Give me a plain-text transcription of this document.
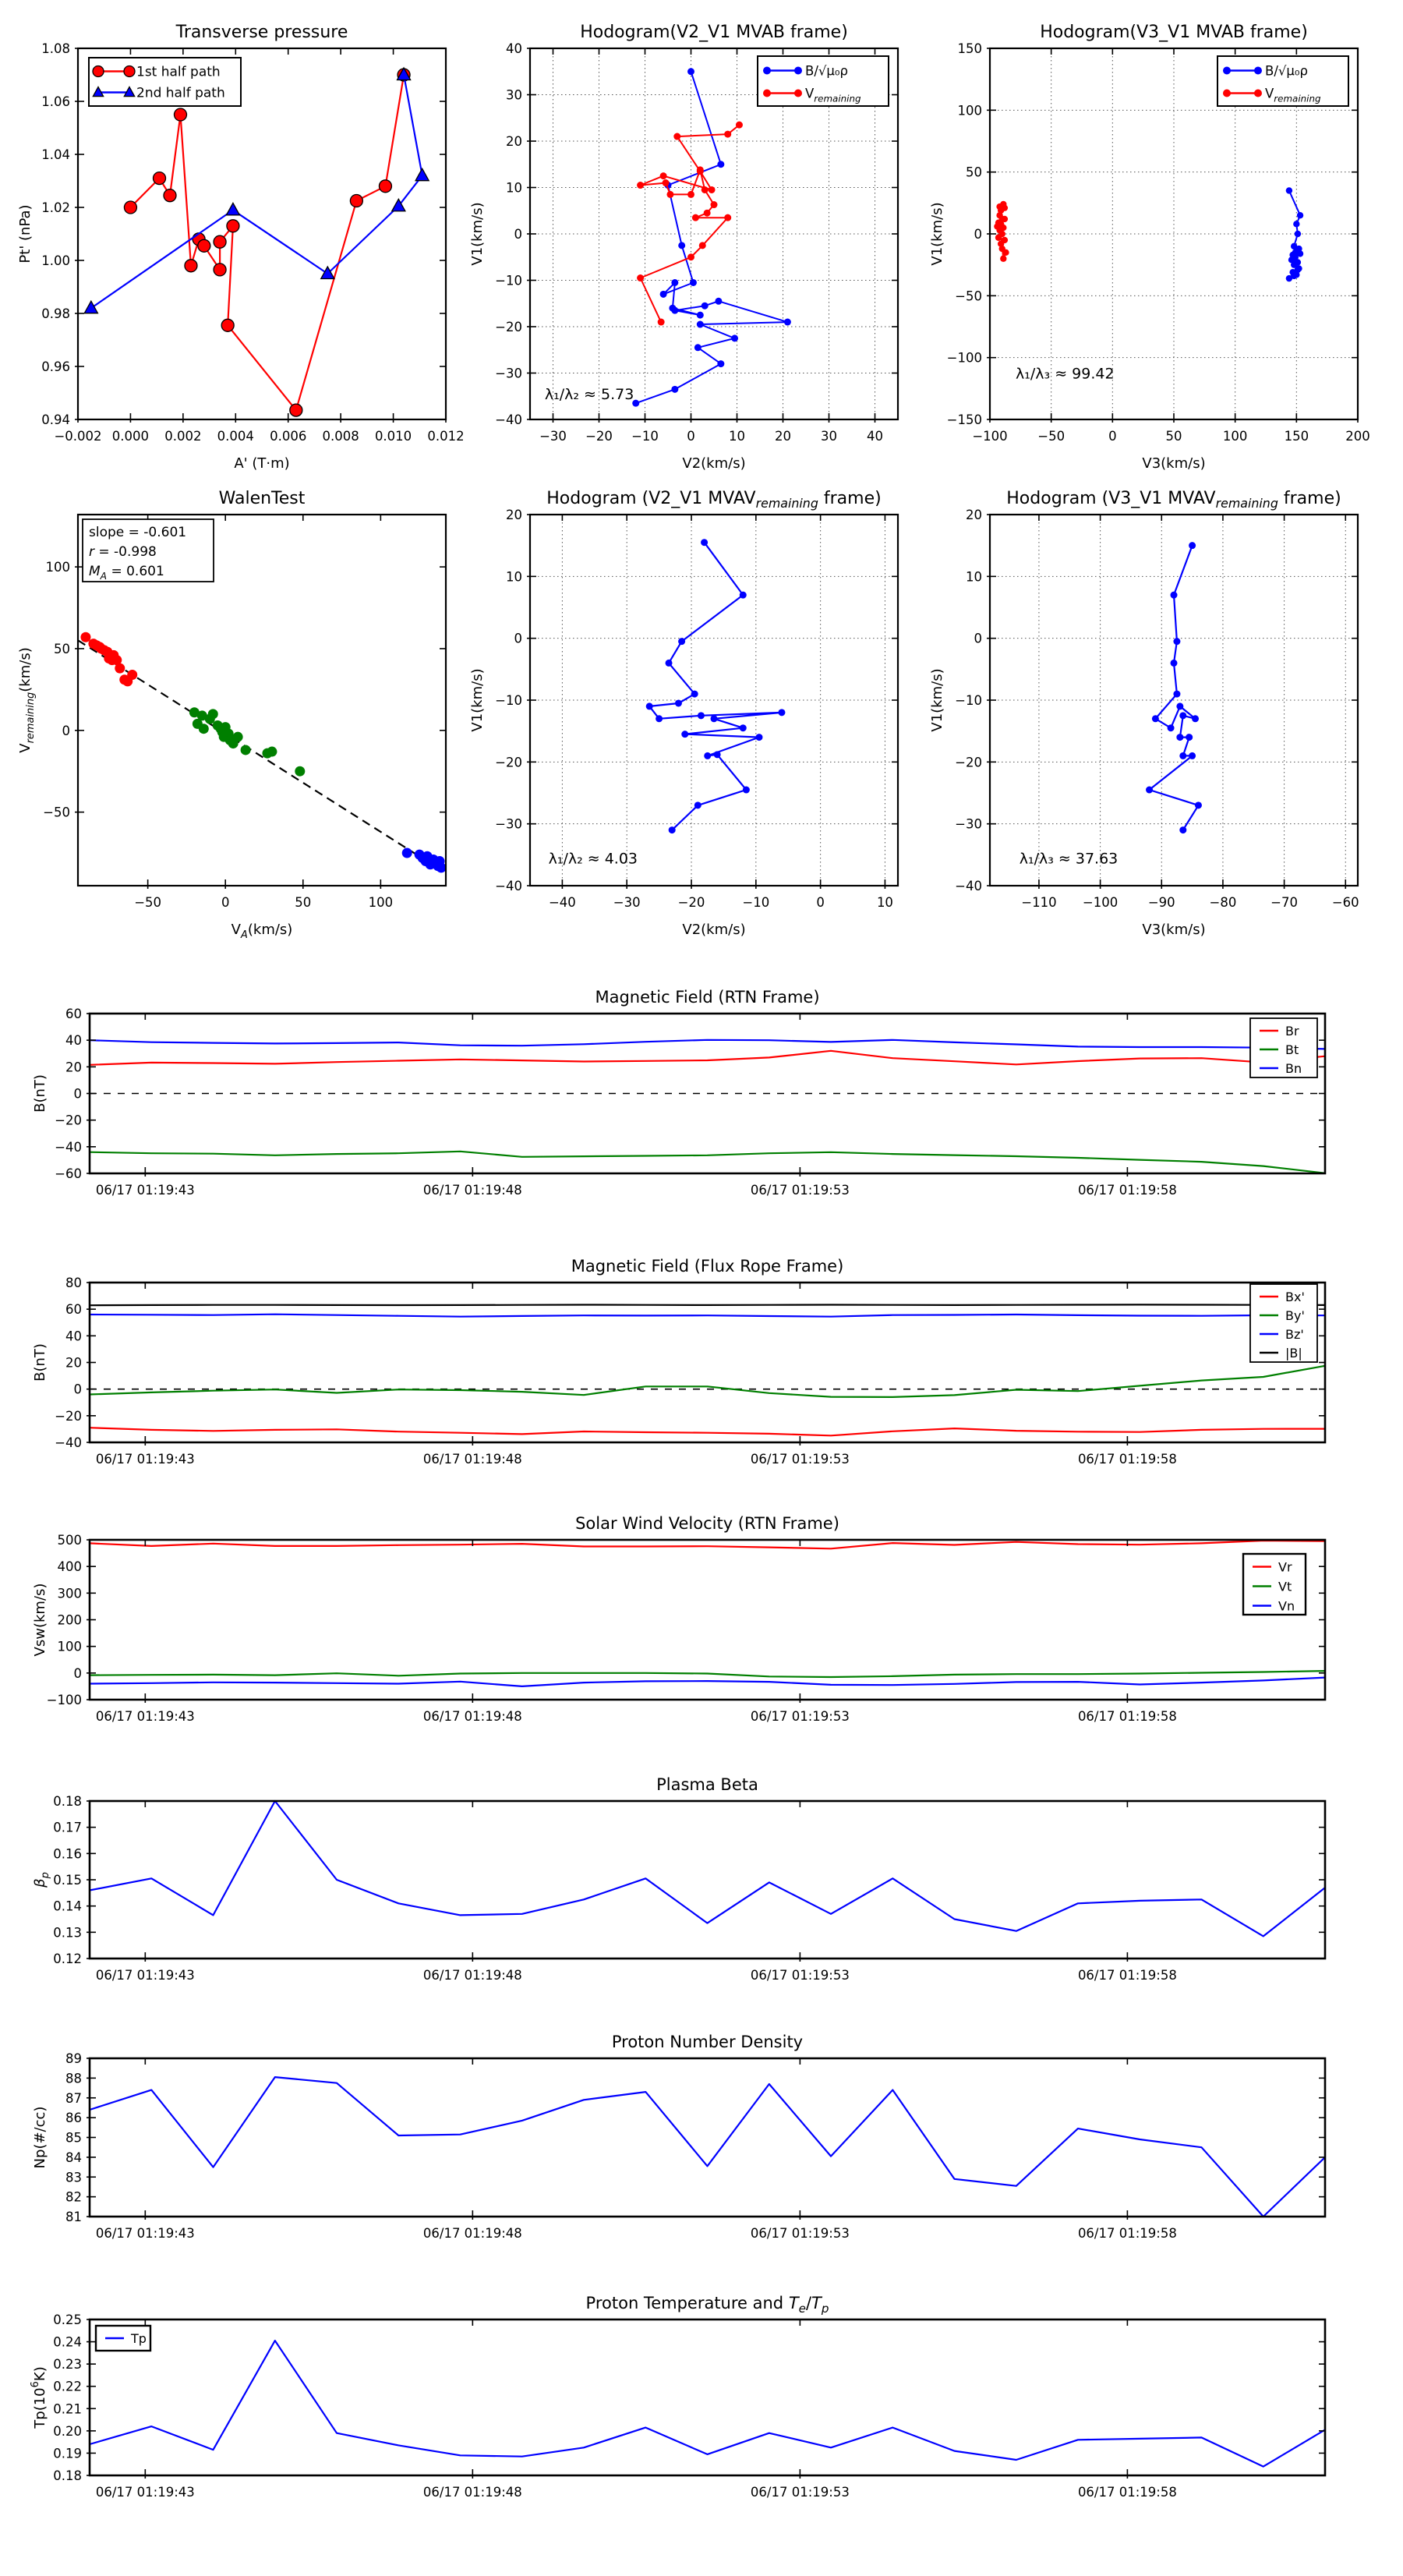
−0.002 0.000 0.002 0.004 0.006 0.008 0.010 0.012
0.94
0.96
0.98
1.00
1.02
1.04
1.06
1.08
Transverse pressure
A' (T·m)
Pt' (nPa)
1st half path
2nd half path
−30 −20 −10 0	10 20 30 40
−40
−30
−20
−10
0
10
20
30
40
Hodogram(V2_V1 MVAB frame)
V2(km/s)
V1(km/s)
λ₁/λ₂ ≈ 5.73
B/√μ₀ρ
$V_{remaining}$
−100 −50	0	50	100	150	200
−150
−100
−50
0
50
100
150
Hodogram(V3_V1 MVAB frame)
V3(km/s)
V1(km/s)
λ₁/λ₃ ≈ 99.42
B/√μ₀ρ
$V_{remaining}$
−50	0	50	100
−50
0
50
100
WalenTest
$V_A(km/s)$
$V_{remaining}(km/s)$
slope = -0.601
r = -0.998
$M_A = 0.601$
−40	−30	−20	−10	0	10
−40
−30
−20
−10
0
10
20
Hodogram (V2_V1 $MVAV_{remaining}$ frame)
V2(km/s)
V1(km/s)
λ₁/λ₂ ≈ 4.03
−110 −100 −90	−80	−70	−60
−40
−30
−20
−10
0
10
20
Hodogram (V3_V1 $MVAV_{remaining}$ frame)
V3(km/s)
V1(km/s)
λ₁/λ₃ ≈ 37.63
06/17 01:19:43	06/17 01:19:48	06/17 01:19:53	06/17 01:19:58
−60
−40
−20
0
20
40
60
Magnetic Field (RTN Frame)
B(nT)
Br
Bt
Bn
06/17 01:19:43	06/17 01:19:48	06/17 01:19:53	06/17 01:19:58
−40
−20
0
20
40
60
80
Magnetic Field (Flux Rope Frame)
B(nT)
Bx'
By'
Bz'
|B|
06/17 01:19:43	06/17 01:19:48	06/17 01:19:53	06/17 01:19:58
−100
0
100
200
300
400
500
Solar Wind Velocity (RTN Frame)
Vsw(km/s)
Vr
Vt
Vn
06/17 01:19:43	06/17 01:19:48	06/17 01:19:53	06/17 01:19:58
0.12
0.13
0.14
0.15
0.16
0.17
0.18
Plasma Beta
$\beta_p$
06/17 01:19:43	06/17 01:19:48	06/17 01:19:53	06/17 01:19:58
81
82
83
84
85
86
87
88
89
Proton Number Density
Np(#/cc)
06/17 01:19:43	06/17 01:19:48	06/17 01:19:53	06/17 01:19:58
0.18
0.19
0.20
0.21
0.22
0.23
0.24
0.25
Proton Temperature and $T_e/T_p$
$Tp(10^6K)$
Tp
